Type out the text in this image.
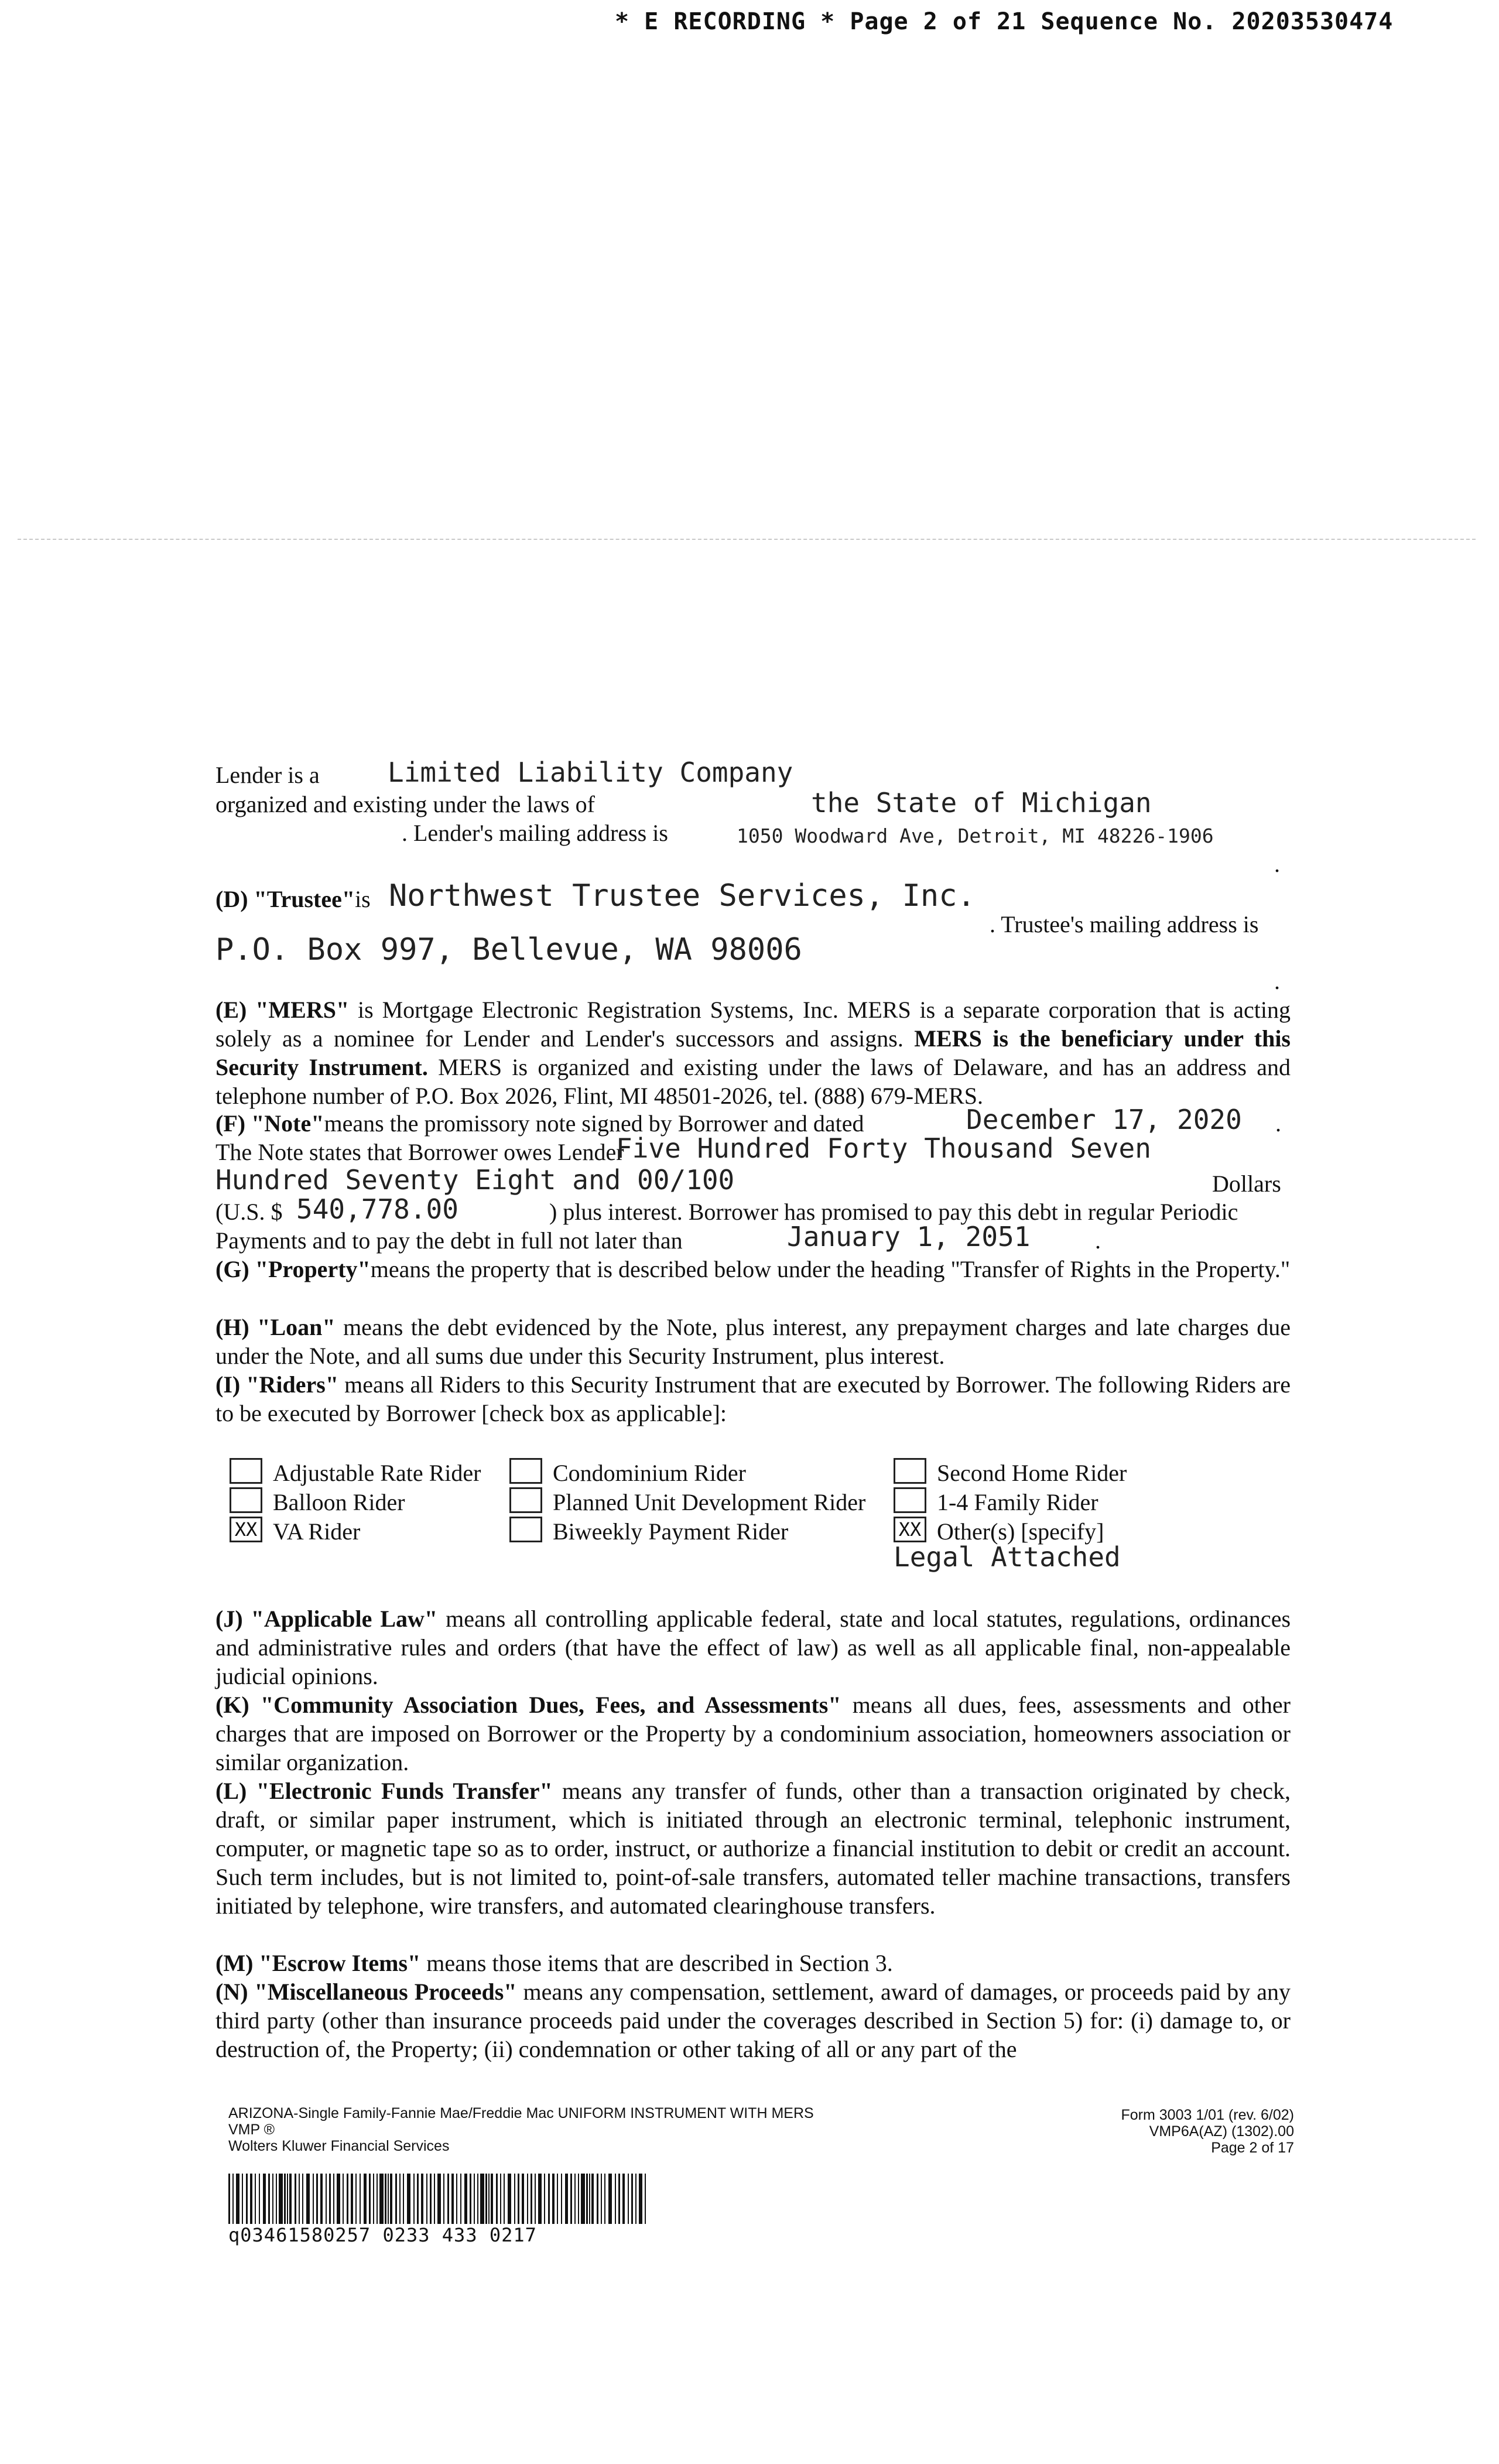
* E RECORDING * Page 2 of 21 Sequence No. 20203530474
Lender is a	Limited Liability Company
organized and existing under the laws of	the State of Michigan
. Lender's mailing address is	1050 Woodward Ave, Detroit, MI 48226-1906
.
(D) "Trustee"is Northwest Trustee Services, Inc.
. Trustee's mailing address is
P.O. Box 997, Bellevue, WA 98006
.
(E) "MERS" is Mortgage Electronic Registration Systems, Inc. MERS is a separate corporation that is acting solely as a nominee for Lender and Lender's successors and assigns. MERS is the beneficiary under this Security Instrument. MERS is organized and existing under the laws of Delaware, and has an address and telephone number of P.O. Box 2026, Flint, MI 48501-2026, tel. (888) 679-MERS.
(F) "Note"means the promissory note signed by Borrower and dated	December 17, 2020 .
The Note states that Borrower owes Lender
Five Hundred Forty Thousand Seven
Hundred Seventy Eight and 00/100	Dollars
(U.S. $ 540,778.00	) plus interest. Borrower has promised to pay this debt in regular Periodic
Payments and to pay the debt in full not later than	January 1, 2051	.
(G) "Property"means the property that is described below under the heading "Transfer of Rights in the Property."
(H) "Loan" means the debt evidenced by the Note, plus interest, any prepayment charges and late charges due under the Note, and all sums due under this Security Instrument, plus interest.
(I) "Riders" means all Riders to this Security Instrument that are executed by Borrower. The following Riders are to be executed by Borrower [check box as applicable]:
Adjustable Rate Rider
Balloon Rider
XX VA Rider
Condominium Rider
Planned Unit Development Rider
Biweekly Payment Rider
Second Home Rider
1-4 Family Rider
XX Other(s) [specify]
Legal Attached
(J) "Applicable Law" means all controlling applicable federal, state and local statutes, regulations, ordinances and administrative rules and orders (that have the effect of law) as well as all applicable final, non-appealable judicial opinions.
(K) "Community Association Dues, Fees, and Assessments" means all dues, fees, assessments and other charges that are imposed on Borrower or the Property by a condominium association, homeowners association or similar organization.
(L) "Electronic Funds Transfer" means any transfer of funds, other than a transaction originated by check, draft, or similar paper instrument, which is initiated through an electronic terminal, telephonic instrument, computer, or magnetic tape so as to order, instruct, or authorize a financial institution to debit or credit an account. Such term includes, but is not limited to, point-of-sale transfers, automated teller machine transactions, transfers initiated by telephone, wire transfers, and automated clearinghouse transfers.
(M) "Escrow Items" means those items that are described in Section 3.
(N) "Miscellaneous Proceeds" means any compensation, settlement, award of damages, or proceeds paid by any third party (other than insurance proceeds paid under the coverages described in Section 5) for: (i) damage to, or destruction of, the Property; (ii) condemnation or other taking of all or any part of the
ARIZONA-Single Family-Fannie Mae/Freddie Mac UNIFORM INSTRUMENT WITH MERS
VMP ®
Wolters Kluwer Financial Services
Form 3003 1/01 (rev. 6/02)
VMP6A(AZ) (1302).00
Page 2 of 17
q03461580257 0233 433 0217
